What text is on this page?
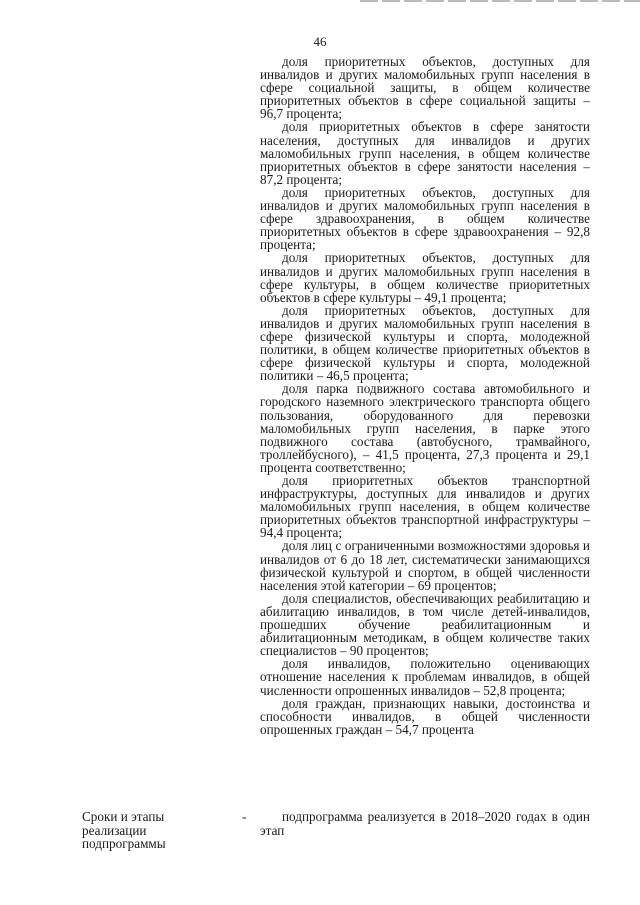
46

доля приоритетных объектов, доступных для инвалидов и других маломобильных групп населения в сфере социальной защиты, в общем количестве приоритетных объектов в сфере социальной защиты – 96,7 процента;

доля приоритетных объектов в сфере занятости населения, доступных для инвалидов и других маломобильных групп населения, в общем количестве приоритетных объектов в сфере занятости населения – 87,2 процента;

доля приоритетных объектов, доступных для инвалидов и других маломобильных групп населения в сфере здравоохранения, в общем количестве приоритетных объектов в сфере здравоохранения – 92,8 процента;

доля приоритетных объектов, доступных для инвалидов и других маломобильных групп населения в сфере культуры, в общем количестве приоритетных объектов в сфере культуры – 49,1 процента;

доля приоритетных объектов, доступных для инвалидов и других маломобильных групп населения в сфере физической культуры и спорта, молодежной политики, в общем количестве приоритетных объектов в сфере физической культуры и спорта, молодежной политики – 46,5 процента;

доля парка подвижного состава автомобильного и городского наземного электрического транспорта общего пользования, оборудованного для перевозки маломобильных групп населения, в парке этого подвижного состава (автобусного, трамвайного, троллейбусного), – 41,5 процента, 27,3 процента и 29,1 процента соответственно;

доля приоритетных объектов транспортной инфраструктуры, доступных для инвалидов и других маломобильных групп населения, в общем количестве приоритетных объектов транспортной инфраструктуры – 94,4 процента;

доля лиц с ограниченными возможностями здоровья и инвалидов от 6 до 18 лет, систематически занимающихся физической культурой и спортом, в общей численности населения этой категории – 69 процентов;

доля специалистов, обеспечивающих реабилитацию и абилитацию инвалидов, в том числе детей-инвалидов, прошедших обучение реабилитационным и абилитационным методикам, в общем количестве таких специалистов – 90 процентов;

доля инвалидов, положительно оценивающих отношение населения к проблемам инвалидов, в общей численности опрошенных инвалидов – 52,8 процента;

доля граждан, признающих навыки, достоинства и способности инвалидов, в общей численности опрошенных граждан – 54,7 процента

Сроки и этапы реализации подпрограммы
-	подпрограмма реализуется в 2018–2020 годах в один этап
